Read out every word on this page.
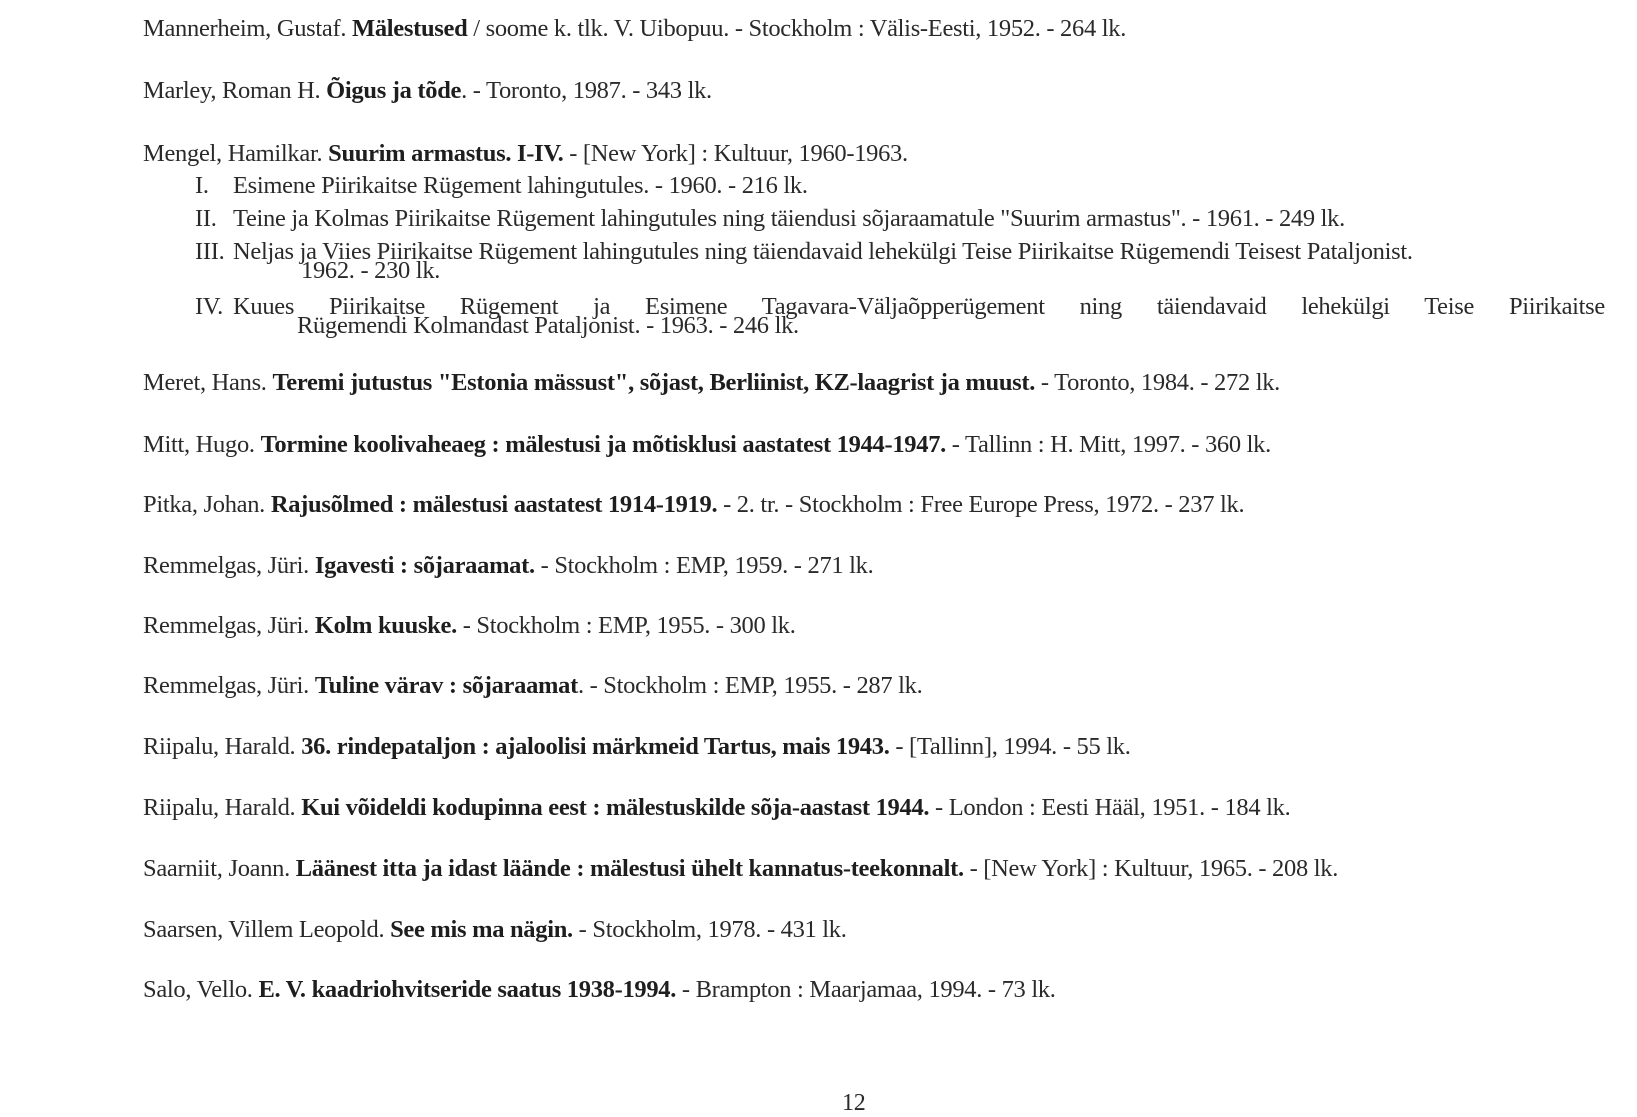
Mannerheim, Gustaf. Mälestused / soome k. tlk. V. Uibopuu. - Stockholm : Välis-Eesti, 1952. - 264 lk.
Marley, Roman H. Õigus ja tõde. - Toronto, 1987. - 343 lk.
Mengel, Hamilkar. Suurim armastus. I-IV. - [New York] : Kultuur, 1960-1963.
I. Esimene Piirikaitse Rügement lahingutules. - 1960. - 216 lk.
II. Teine ja Kolmas Piirikaitse Rügement lahingutules ning täiendusi sõjaraamatule "Suurim armastus". - 1961. - 249 lk.
III. Neljas ja Viies Piirikaitse Rügement lahingutules ning täiendavaid lehekülgi Teise Piirikaitse Rügemendi Teisest Pataljonist.
1962. - 230 lk.
IV. Kuues Piirikaitse Rügement ja Esimene Tagavara-Väljaõpperügement ning täiendavaid lehekülgi Teise Piirikaitse
Rügemendi Kolmandast Pataljonist. - 1963. - 246 lk.
Meret, Hans. Teremi jutustus "Estonia mässust", sõjast, Berliinist, KZ-laagrist ja muust. - Toronto, 1984. - 272 lk.
Mitt, Hugo. Tormine koolivaheaeg : mälestusi ja mõtisklusi aastatest 1944-1947. - Tallinn : H. Mitt, 1997. - 360 lk.
Pitka, Johan. Rajusõlmed : mälestusi aastatest 1914-1919. - 2. tr. - Stockholm : Free Europe Press, 1972. - 237 lk.
Remmelgas, Jüri. Igavesti : sõjaraamat. - Stockholm : EMP, 1959. - 271 lk.
Remmelgas, Jüri. Kolm kuuske. - Stockholm : EMP, 1955. - 300 lk.
Remmelgas, Jüri. Tuline värav : sõjaraamat. - Stockholm : EMP, 1955. - 287 lk.
Riipalu, Harald. 36. rindepataljon : ajaloolisi märkmeid Tartus, mais 1943. - [Tallinn], 1994. - 55 lk.
Riipalu, Harald. Kui võideldi kodupinna eest : mälestuskilde sõja-aastast 1944. - London : Eesti Hääl, 1951. - 184 lk.
Saarniit, Joann. Läänest itta ja idast läände : mälestusi ühelt kannatus-teekonnalt. - [New York] : Kultuur, 1965. - 208 lk.
Saarsen, Villem Leopold. See mis ma nägin. - Stockholm, 1978. - 431 lk.
Salo, Vello. E. V. kaadriohvitseride saatus 1938-1994. - Brampton : Maarjamaa, 1994. - 73 lk.
12
